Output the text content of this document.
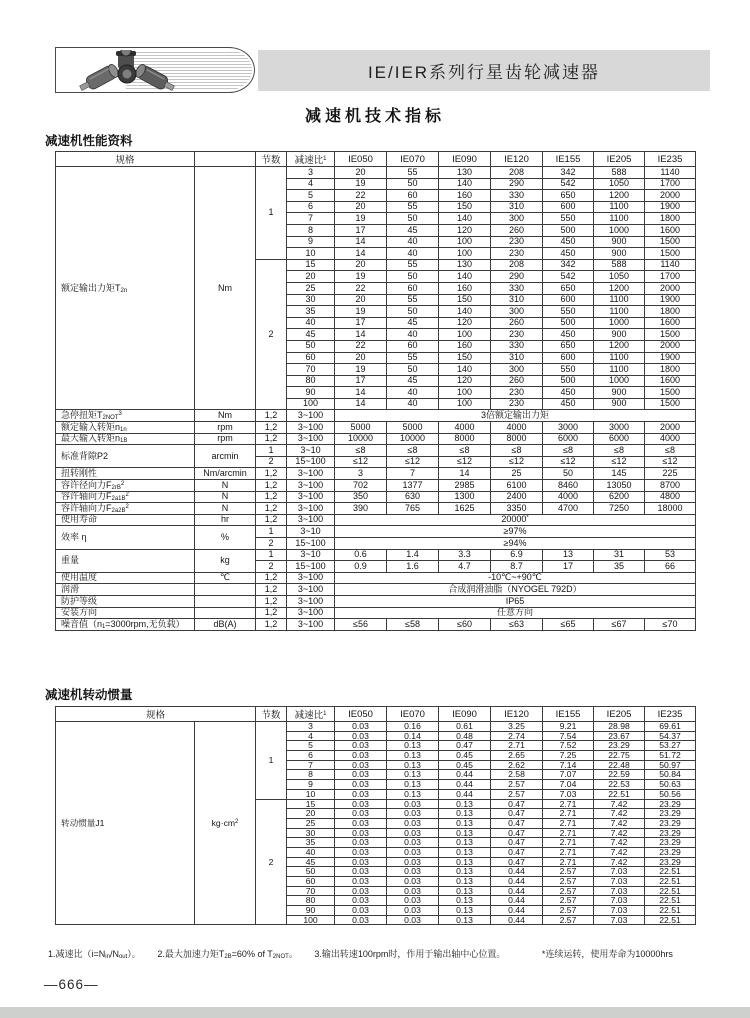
IE/IER系列行星齿轮减速器
减速机技术指标
减速机性能资料
规格		节数	减速比$^1$	IE050	IE070	IE090	IE120	IE155	IE205	IE235
额定输出力矩$T_{2n}$	Nm	1	3	20	55	130	208	342	588	1140
			4	19	50	140	290	542	1050	1700
			5	22	60	160	330	650	1200	2000
			6	20	55	150	310	600	1100	1900
			7	19	50	140	300	550	1100	1800
			8	17	45	120	260	500	1000	1600
			9	14	40	100	230	450	900	1500
			10	14	40	100	230	450	900	1500
		2	15	20	55	130	208	342	588	1140
			20	19	50	140	290	542	1050	1700
			25	22	60	160	330	650	1200	2000
			30	20	55	150	310	600	1100	1900
			35	19	50	140	300	550	1100	1800
			40	17	45	120	260	500	1000	1600
			45	14	40	100	230	450	900	1500
			50	22	60	160	330	650	1200	2000
			60	20	55	150	310	600	1100	1900
			70	19	50	140	300	550	1100	1800
			80	17	45	120	260	500	1000	1600
			90	14	40	100	230	450	900	1500
			100	14	40	100	230	450	900	1500
急停扭矩$T_{2NOT}^3$	Nm	1,2	3~100	3倍额定输出力矩						
额定输入转矩$n_{1n}$	rpm	1,2	3~100	5000	5000	4000	4000	3000	3000	2000
最大输入转矩$n_{1B}$	rpm	1,2	3~100	10000	10000	8000	8000	6000	6000	4000
标准背隙P2	arcmin	1	3~10	≤8	≤8	≤8	≤8	≤8	≤8	≤8
		2	15~100	≤12	≤12	≤12	≤12	≤12	≤12	≤12
扭转刚性	Nm/arcmin	1,2	3~100	3	7	14	25	50	145	225
容许径向力$F_{2rB}^2$	N	1,2	3~100	702	1377	2985	6100	8460	13050	8700
容许轴向力$F_{2a1B}^2$	N	1,2	3~100	350	630	1300	2400	4000	6200	4800
容许轴向力$F_{2a2B}^2$	N	1,2	3~100	390	765	1625	3350	4700	7250	18000
使用寿命	hr	1,2	3~100	20000*
效率 η	%	1	3~10	≥97%						
		2	15~100	≥94%						
重量	kg	1	3~10	0.6	1.4	3.3	6.9	13	31	53
		2	15~100	0.9	1.6	4.7	8.7	17	35	66
使用温度	℃	1,2	3~100	-10℃~+90℃						
润滑		1,2	3~100	合成润滑油脂（NYOGEL 792D）						
防护等级		1,2	3~100	IP65						
安装方向		1,2	3~100	任意方向						
噪音值（$n_1=3000rpm$,无负载）	dB(A)	1,2	3~100	≤56	≤58	≤60	≤63	≤65	≤67	≤70
减速机转动惯量
规格		节数	减速比$^1$	IE050	IE070	IE090	IE120	IE155	IE205	IE235
转动惯量J1	$kg\cdot cm^2$	1	3	0.03	0.16	0.61	3.25	9.21	28.98	69.61
			4	0.03	0.14	0.48	2.74	7.54	23.67	54.37
			5	0.03	0.13	0.47	2.71	7.52	23.29	53.27
			6	0.03	0.13	0.45	2.65	7.25	22.75	51.72
			7	0.03	0.13	0.45	2.62	7.14	22.48	50.97
			8	0.03	0.13	0.44	2.58	7.07	22.59	50.84
			9	0.03	0.13	0.44	2.57	7.04	22.53	50.63
			10	0.03	0.13	0.44	2.57	7.03	22.51	50.56
		2	15	0.03	0.03	0.13	0.47	2.71	7.42	23.29
			20	0.03	0.03	0.13	0.47	2.71	7.42	23.29
			25	0.03	0.03	0.13	0.47	2.71	7.42	23.29
			30	0.03	0.03	0.13	0.47	2.71	7.42	23.29
			35	0.03	0.03	0.13	0.47	2.71	7.42	23.29
			40	0.03	0.03	0.13	0.47	2.71	7.42	23.29
			45	0.03	0.03	0.13	0.47	2.71	7.42	23.29
			50	0.03	0.03	0.13	0.44	2.57	7.03	22.51
			60	0.03	0.03	0.13	0.44	2.57	7.03	22.51
			70	0.03	0.03	0.13	0.44	2.57	7.03	22.51
			80	0.03	0.03	0.13	0.44	2.57	7.03	22.51
			90	0.03	0.03	0.13	0.44	2.57	7.03	22.51
			100	0.03	0.03	0.13	0.44	2.57	7.03	22.51
1.减速比$(i=N_{in}/N_{out})$。 2.最大加速力矩$T_{2B}=60\%$ of $T_{2NOT}$。 3.输出转速100rpm时，作用于输出轴中心位置。	*连续运转，使用寿命为10000hrs
—666—
